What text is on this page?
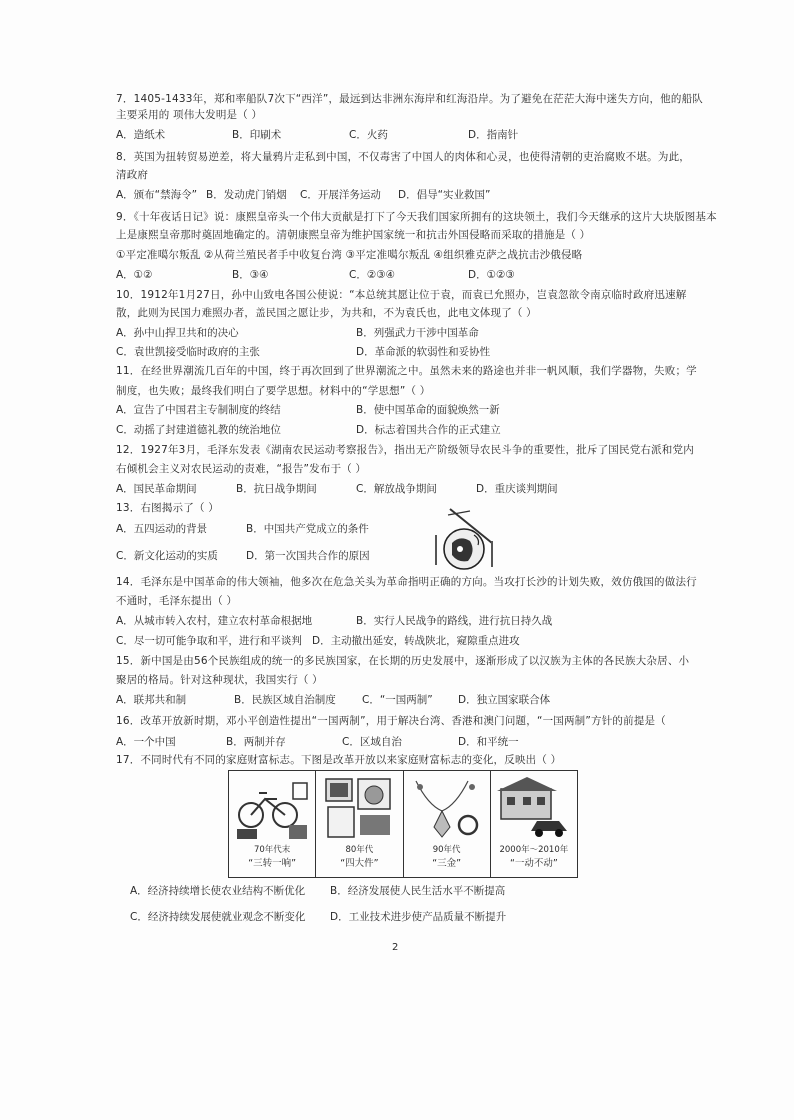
7．1405-1433年，郑和率船队7次下“西洋”，最远到达非洲东海岸和红海沿岸。为了避免在茫茫大海中迷失方向，他的船队
主要采用的 项伟大发明是（ ）
A．造纸术	B．印刷术	C．火药	D．指南针
8．英国为扭转贸易逆差，将大量鸦片走私到中国，不仅毒害了中国人的肉体和心灵，也使得清朝的吏治腐败不堪。为此，
清政府
A．颁布“禁海令” B．发动虎门销烟 C．开展洋务运动 D．倡导“实业救国”
9．《十年夜话日记》说：康熙皇帝头一个伟大贡献是打下了今天我们国家所拥有的这块领土，我们今天继承的这片大块版图基本
上是康熙皇帝那时奠固地确定的。清朝康熙皇帝为维护国家统一和抗击外国侵略而采取的措施是（ ）
①平定准噶尔叛乱 ②从荷兰殖民者手中收复台湾 ③平定准噶尔叛乱 ④组织雅克萨之战抗击沙俄侵略
A．①②	B．③④	C．②③④	D．①②③
10．1912年1月27日，孙中山致电各国公使说：“本总统其愿让位于袁，而袁已允照办，岂袁忽欲令南京临时政府迅速解
散，此则为民国力难照办者，盖民国之愿让步，为共和，不为袁氏也，此电文体现了（ ）
A．孙中山捍卫共和的决心	B．列强武力干涉中国革命
C．袁世凯接受临时政府的主张	D．革命派的软弱性和妥协性
11．在经世界潮流几百年的中国，终于再次回到了世界潮流之中。虽然未来的路途也并非一帆风顺，我们学器物，失败；学
制度，也失败；最终我们明白了要学思想。材料中的“学思想”（ ）
A．宣告了中国君主专制制度的终结	B．使中国革命的面貌焕然一新
C．动摇了封建道德礼教的统治地位	D．标志着国共合作的正式建立
12．1927年3月，毛泽东发表《湖南农民运动考察报告》，指出无产阶级领导农民斗争的重要性，批斥了国民党右派和党内
右倾机会主义对农民运动的责难，“报告”发布于（ ）
A．国民革命期间	B．抗日战争期间	C．解放战争期间	D．重庆谈判期间
13．右图揭示了（ ）
A．五四运动的背景	B．中国共产党成立的条件
C．新文化运动的实质	D．第一次国共合作的原因
14．毛泽东是中国革命的伟大领袖，他多次在危急关头为革命指明正确的方向。当攻打长沙的计划失败，效仿俄国的做法行
不通时，毛泽东提出（ ）
A．从城市转入农村，建立农村革命根据地	B．实行人民战争的路线，进行抗日持久战
C．尽一切可能争取和平，进行和平谈判 D．主动撤出延安，转战陕北，窥隙重点进攻
15．新中国是由56个民族组成的统一的多民族国家，在长期的历史发展中，逐渐形成了以汉族为主体的各民族大杂居、小
聚居的格局。针对这种现状，我国实行（ ）
A．联邦共和制	B．民族区域自治制度	C．“一国两制” D．独立国家联合体
16．改革开放新时期，邓小平创造性提出“一国两制”，用于解决台湾、香港和澳门问题，“一国两制”方针的前提是（
A．一个中国	B．两制并存	C．区域自治	D．和平统一
17．不同时代有不同的家庭财富标志。下图是改革开放以来家庭财富标志的变化，反映出（ ）
70年代末
“三转一响”
80年代
“四大件”
90年代
“三金”
2000年～2010年
“一动不动”
A．经济持续增长使农业结构不断优化 B．经济发展使人民生活水平不断提高
C．经济持续发展使就业观念不断变化 D．工业技术进步使产品质量不断提升
2
